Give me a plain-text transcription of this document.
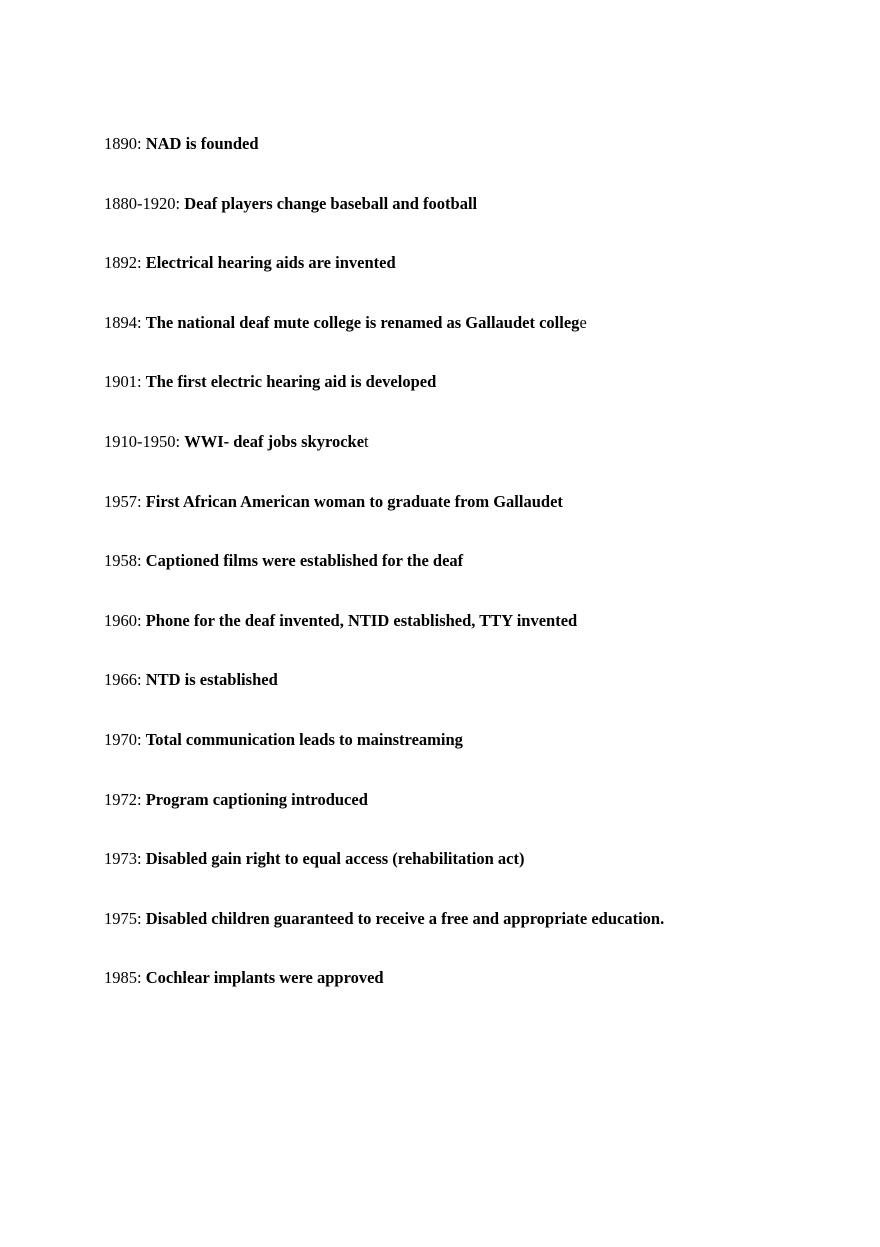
1890: NAD is founded
1880-1920: Deaf players change baseball and football
1892: Electrical hearing aids are invented
1894: The national deaf mute college is renamed as Gallaudet college
1901: The first electric hearing aid is developed
1910-1950: WWI- deaf jobs skyrocket
1957: First African American woman to graduate from Gallaudet
1958: Captioned films were established for the deaf
1960: Phone for the deaf invented, NTID established, TTY invented
1966: NTD is established
1970: Total communication leads to mainstreaming
1972: Program captioning introduced
1973: Disabled gain right to equal access (rehabilitation act)
1975: Disabled children guaranteed to receive a free and appropriate education.
1985: Cochlear implants were approved
